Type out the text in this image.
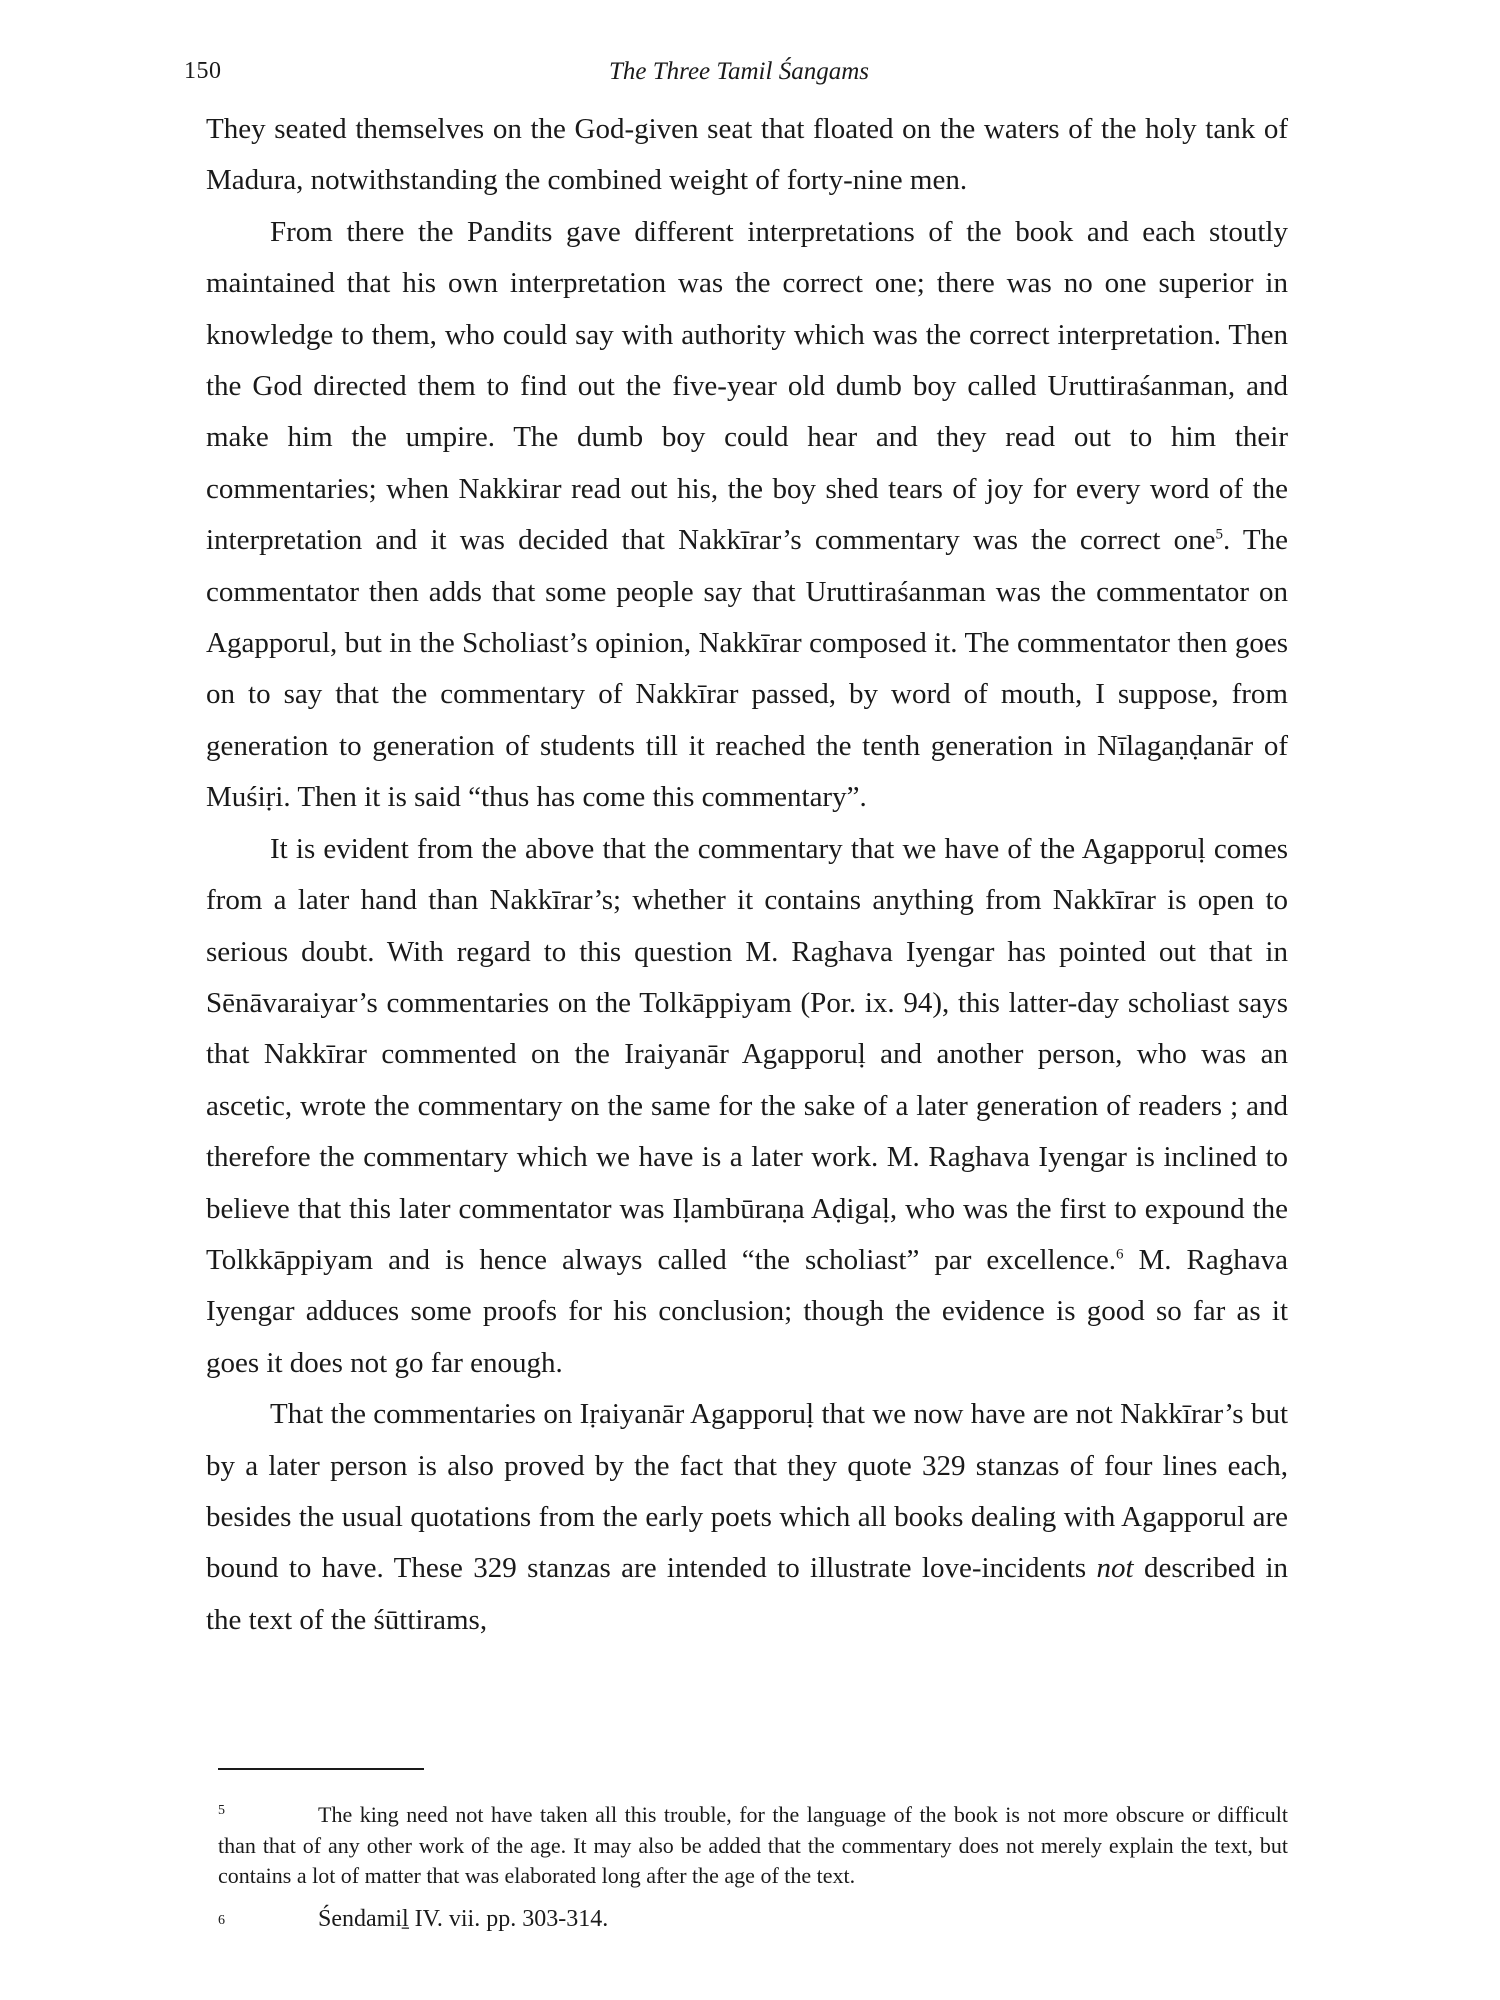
150	The Three Tamil Śangams

They seated themselves on the God-given seat that floated on the waters of the holy tank of Madura, notwithstanding the combined weight of forty-nine men.

From there the Pandits gave different interpretations of the book and each stoutly maintained that his own interpretation was the correct one; there was no one superior in knowledge to them, who could say with authority which was the correct interpretation. Then the God directed them to find out the five-year old dumb boy called Uruttiraśanman, and make him the umpire. The dumb boy could hear and they read out to him their commentaries; when Nakkirar read out his, the boy shed tears of joy for every word of the interpretation and it was decided that Nakkīrar’s commentary was the correct one$^5$. The commentator then adds that some people say that Uruttiraśanman was the commentator on Agapporul, but in the Scholiast’s opinion, Nakkīrar composed it. The commentator then goes on to say that the commentary of Nakkīrar passed, by word of mouth, I suppose, from generation to generation of students till it reached the tenth generation in Nīlagaṇḍanār of Muśiṛi. Then it is said “thus has come this commentary”.

It is evident from the above that the commentary that we have of the Agapporuḷ comes from a later hand than Nakkīrar’s; whether it contains anything from Nakkīrar is open to serious doubt. With regard to this question M. Raghava Iyengar has pointed out that in Sēnāvaraiyar’s commentaries on the Tolkāppiyam (Por. ix. 94), this latter-day scholiast says that Nakkīrar commented on the Iraiyanār Agapporuḷ and another person, who was an ascetic, wrote the commentary on the same for the sake of a later generation of readers ; and therefore the commentary which we have is a later work. M. Raghava Iyengar is inclined to believe that this later commentator was Iḷambūraṇa Aḍigaḷ, who was the first to expound the Tolkkāppiyam and is hence always called “the scholiast” par excellence.$^6$ M. Raghava Iyengar adduces some proofs for his conclusion; though the evidence is good so far as it goes it does not go far enough.

That the commentaries on Iṛaiyanār Agapporuḷ that we now have are not Nakkīrar’s but by a later person is also proved by the fact that they quote 329 stanzas of four lines each, besides the usual quotations from the early poets which all books dealing with Agapporul are bound to have. These 329 stanzas are intended to illustrate love-incidents not described in the text of the śūttirams,

5	The king need not have taken all this trouble, for the language of the book is not more obscure or difficult than that of any other work of the age. It may also be added that the commentary does not merely explain the text, but contains a lot of matter that was elaborated long after the age of the text.
6	Śendamiḻ IV. vii. pp. 303-314.
